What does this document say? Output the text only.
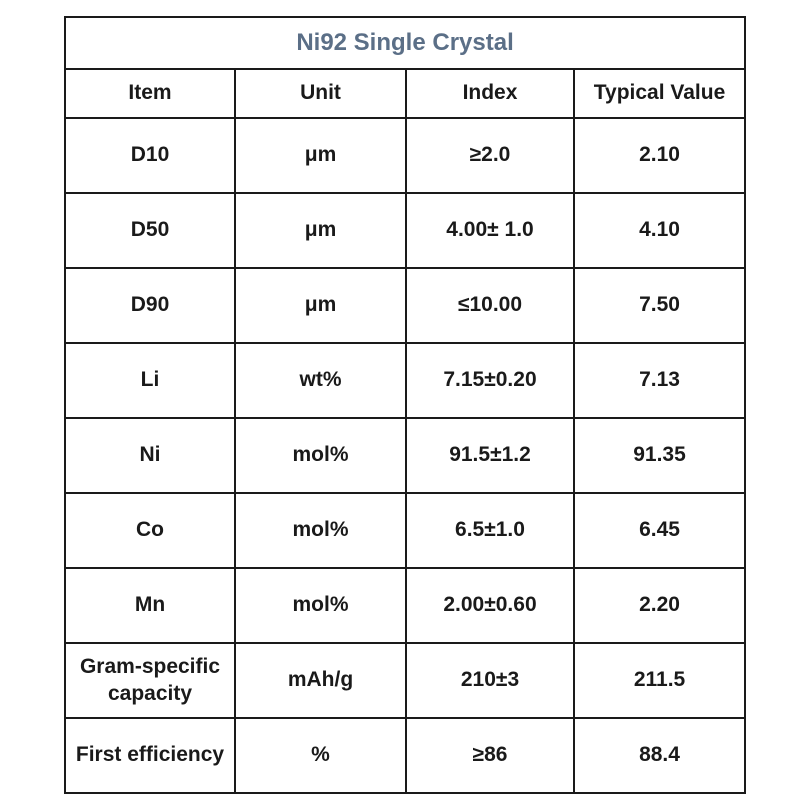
Ni92 Single Crystal			
Item	Unit	Index	Typical Value
D10	μm	≥2.0	2.10
D50	μm	4.00± 1.0	4.10
D90	μm	≤10.00	7.50
Li	wt%	7.15±0.20	7.13
Ni	mol%	91.5±1.2	91.35
Co	mol%	6.5±1.0	6.45
Mn	mol%	2.00±0.60	2.20
Gram-specific capacity	mAh/g	210±3	211.5
First efficiency	%	≥86	88.4
